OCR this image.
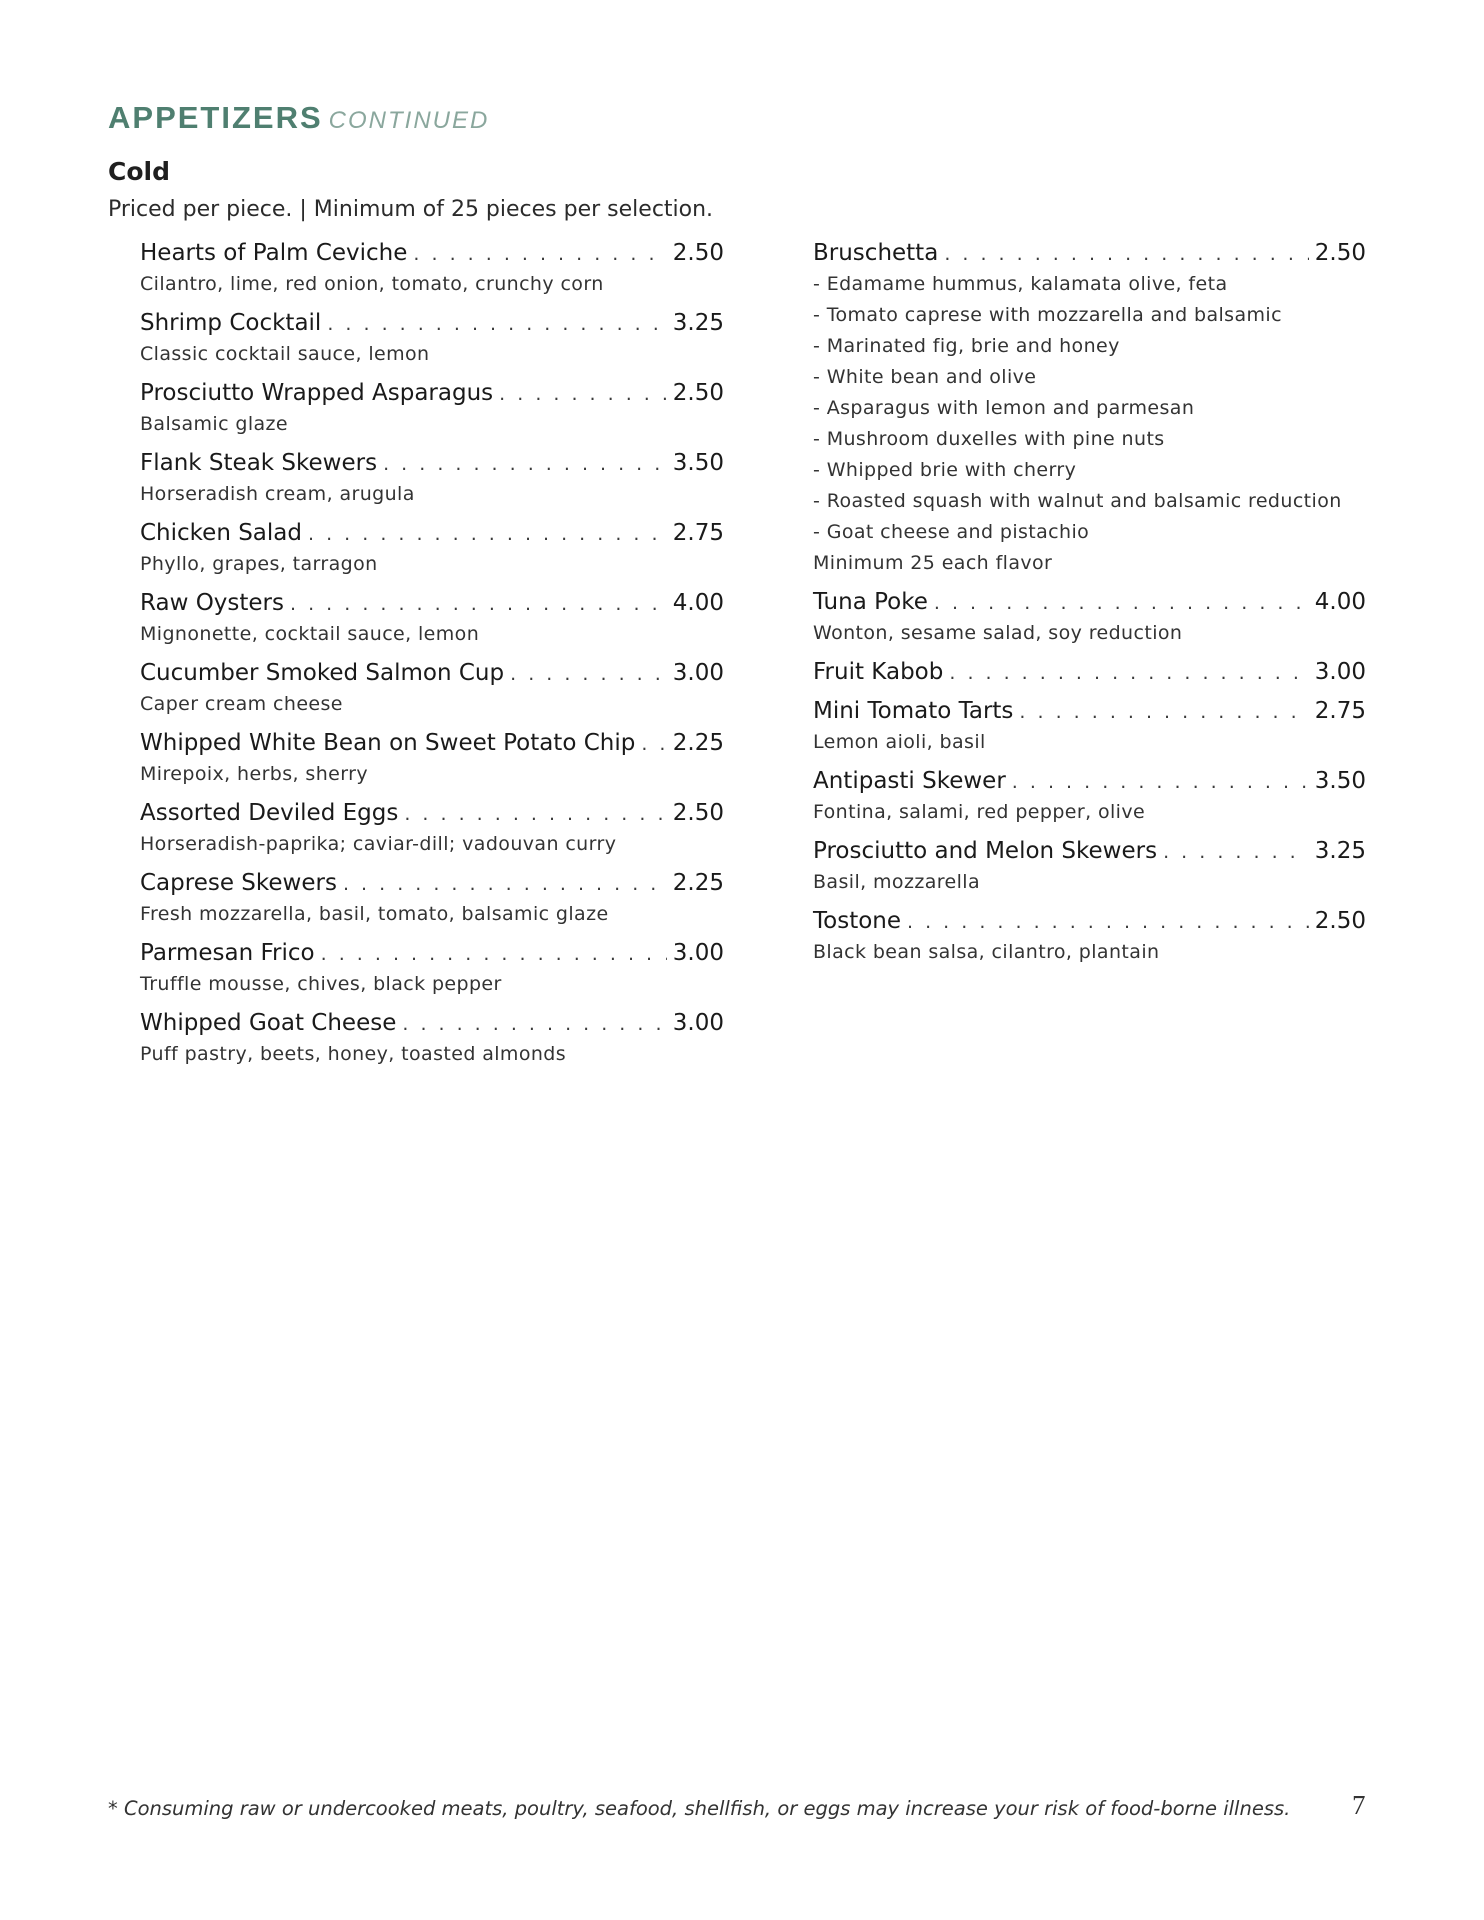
APPETIZERS CONTINUED
Cold
Priced per piece. | Minimum of 25 pieces per selection.
Hearts of Palm Ceviche . . .	2.50
Cilantro, lime, red onion, tomato, crunchy corn
Shrimp Cocktail . . .	3.25
Classic cocktail sauce, lemon
Prosciutto Wrapped Asparagus . . .	2.50
Balsamic glaze
Flank Steak Skewers . . .	3.50
Horseradish cream, arugula
Chicken Salad . . .	2.75
Phyllo, grapes, tarragon
Raw Oysters . . .	4.00
Mignonette, cocktail sauce, lemon
Cucumber Smoked Salmon Cup . . .	3.00
Caper cream cheese
Whipped White Bean on Sweet Potato Chip . . . 2.25
Mirepoix, herbs, sherry
Assorted Deviled Eggs . . .	2.50
Horseradish-paprika; caviar-dill; vadouvan curry
Caprese Skewers . . .	2.25
Fresh mozzarella, basil, tomato, balsamic glaze
Parmesan Frico . . .	3.00
Truffle mousse, chives, black pepper
Whipped Goat Cheese . . .	3.00
Puff pastry, beets, honey, toasted almonds
Bruschetta . . .	2.50
- Edamame hummus, kalamata olive, feta
- Tomato caprese with mozzarella and balsamic
- Marinated fig, brie and honey
- White bean and olive
- Asparagus with lemon and parmesan
- Mushroom duxelles with pine nuts
- Whipped brie with cherry
- Roasted squash with walnut and balsamic reduction
- Goat cheese and pistachio
Minimum 25 each flavor
Tuna Poke . . .	4.00
Wonton, sesame salad, soy reduction
Fruit Kabob . . .	3.00
Mini Tomato Tarts . . .	2.75
Lemon aioli, basil
Antipasti Skewer . . .	3.50
Fontina, salami, red pepper, olive
Prosciutto and Melon Skewers . . .	3.25
Basil, mozzarella
Tostone . . .	2.50
Black bean salsa, cilantro, plantain
* Consuming raw or undercooked meats, poultry, seafood, shellfish, or eggs may increase your risk of food-borne illness. 7
